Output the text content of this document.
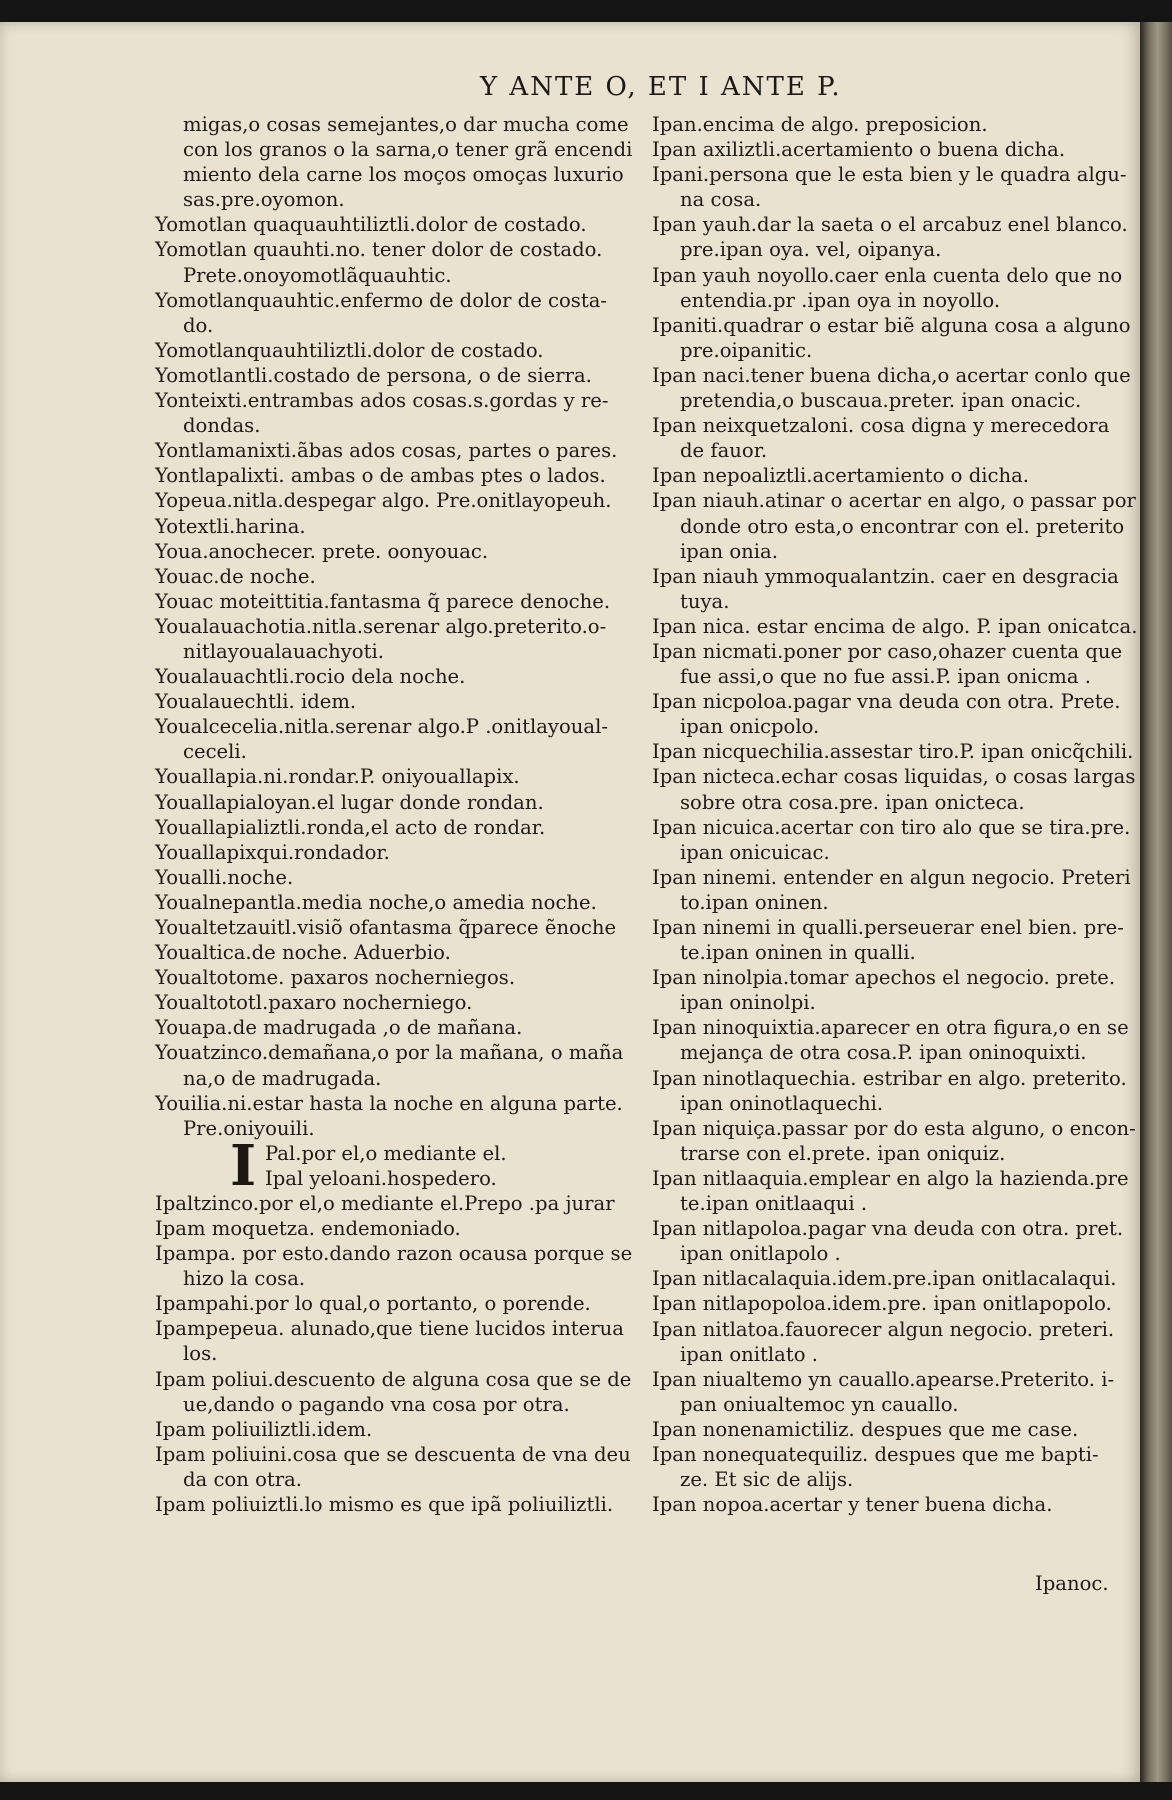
Y ANTE O, ET I ANTE P.
migas,o cosas semejantes,o dar mucha come
con los granos o la sarna,o tener grã encendi
miento dela carne los moços omoças luxurio
sas.pre.oyomon.
Yomotlan quaquauhtiliztli.dolor de costado.
Yomotlan quauhti.no. tener dolor de costado.
Prete.onoyomotlãquauhtic.
Yomotlanquauhtic.enfermo de dolor de costa-
do.
Yomotlanquauhtiliztli.dolor de costado.
Yomotlantli.costado de persona, o de sierra.
Yonteixti.entrambas ados cosas.s.gordas y re-
dondas.
Yontlamanixti.ãbas ados cosas, partes o pares.
Yontlapalixti. ambas o de ambas ptes o lados.
Yopeua.nitla.despegar algo. Pre.onitlayopeuh.
Yotextli.harina.
Youa.anochecer. prete. oonyouac.
Youac.de noche.
Youac moteittitia.fantasma q̃ parece denoche.
Youalauachotia.nitla.serenar algo.preterito.o-
nitlayoualauachyoti.
Youalauachtli.rocio dela noche.
Youalauechtli. idem.
Youalcecelia.nitla.serenar algo.P .onitlayoual-
ceceli.
Youallapia.ni.rondar.P. oniyouallapix.
Youallapialoyan.el lugar donde rondan.
Youallapializtli.ronda,el acto de rondar.
Youallapixqui.rondador.
Youalli.noche.
Youalnepantla.media noche,o amedia noche.
Youaltetzauitl.visiõ ofantasma q̃parece ẽnoche
Youaltica.de noche. Aduerbio.
Youaltotome. paxaros nocherniegos.
Youaltototl.paxaro nocherniego.
Youapa.de madrugada ,o de mañana.
Youatzinco.demañana,o por la mañana, o maña
na,o de madrugada.
Youilia.ni.estar hasta la noche en alguna parte.
Pre.oniyouili.
I Pal.por el,o mediante el.
Ipal yeloani.hospedero.
Ipaltzinco.por el,o mediante el.Prepo .pa jurar
Ipam moquetza. endemoniado.
Ipampa. por esto.dando razon ocausa porque se
hizo la cosa.
Ipampahi.por lo qual,o portanto, o porende.
Ipampepeua. alunado,que tiene lucidos interua
los.
Ipam poliui.descuento de alguna cosa que se de
ue,dando o pagando vna cosa por otra.
Ipam poliuiliztli.idem.
Ipam poliuini.cosa que se descuenta de vna deu
da con otra.
Ipam poliuiztli.lo mismo es que ipã poliuiliztli.
Ipan.encima de algo. preposicion.
Ipan axiliztli.acertamiento o buena dicha.
Ipani.persona que le esta bien y le quadra algu-
na cosa.
Ipan yauh.dar la saeta o el arcabuz enel blanco.
pre.ipan oya. vel, oipanya.
Ipan yauh noyollo.caer enla cuenta delo que no
entendia.pr .ipan oya in noyollo.
Ipaniti.quadrar o estar biẽ alguna cosa a alguno
pre.oipanitic.
Ipan naci.tener buena dicha,o acertar conlo que
pretendia,o buscaua.preter. ipan onacic.
Ipan neixquetzaloni. cosa digna y merecedora
de fauor.
Ipan nepoaliztli.acertamiento o dicha.
Ipan niauh.atinar o acertar en algo, o passar por
donde otro esta,o encontrar con el. preterito
ipan onia.
Ipan niauh ymmoqualantzin. caer en desgracia
tuya.
Ipan nica. estar encima de algo. P. ipan onicatca.
Ipan nicmati.poner por caso,ohazer cuenta que
fue assi,o que no fue assi.P. ipan onicma .
Ipan nicpoloa.pagar vna deuda con otra. Prete.
ipan onicpolo.
Ipan nicquechilia.assestar tiro.P. ipan onicq̃chili.
Ipan nicteca.echar cosas liquidas, o cosas largas
sobre otra cosa.pre. ipan onicteca.
Ipan nicuica.acertar con tiro alo que se tira.pre.
ipan onicuicac.
Ipan ninemi. entender en algun negocio. Preteri
to.ipan oninen.
Ipan ninemi in qualli.perseuerar enel bien. pre-
te.ipan oninen in qualli.
Ipan ninolpia.tomar apechos el negocio. prete.
ipan oninolpi.
Ipan ninoquixtia.aparecer en otra figura,o en se
mejança de otra cosa.P. ipan oninoquixti.
Ipan ninotlaquechia. estribar en algo. preterito.
ipan oninotlaquechi.
Ipan niquiça.passar por do esta alguno, o encon-
trarse con el.prete. ipan oniquiz.
Ipan nitlaaquia.emplear en algo la hazienda.pre
te.ipan onitlaaqui .
Ipan nitlapoloa.pagar vna deuda con otra. pret.
ipan onitlapolo .
Ipan nitlacalaquia.idem.pre.ipan onitlacalaqui.
Ipan nitlapopoloa.idem.pre. ipan onitlapopolo.
Ipan nitlatoa.fauorecer algun negocio. preteri.
ipan onitlato .
Ipan niualtemo yn cauallo.apearse.Preterito. i-
pan oniualtemoc yn cauallo.
Ipan nonenamictiliz. despues que me case.
Ipan nonequatequiliz. despues que me bapti-
ze. Et sic de alijs.
Ipan nopoa.acertar y tener buena dicha.
Ipanoc.
